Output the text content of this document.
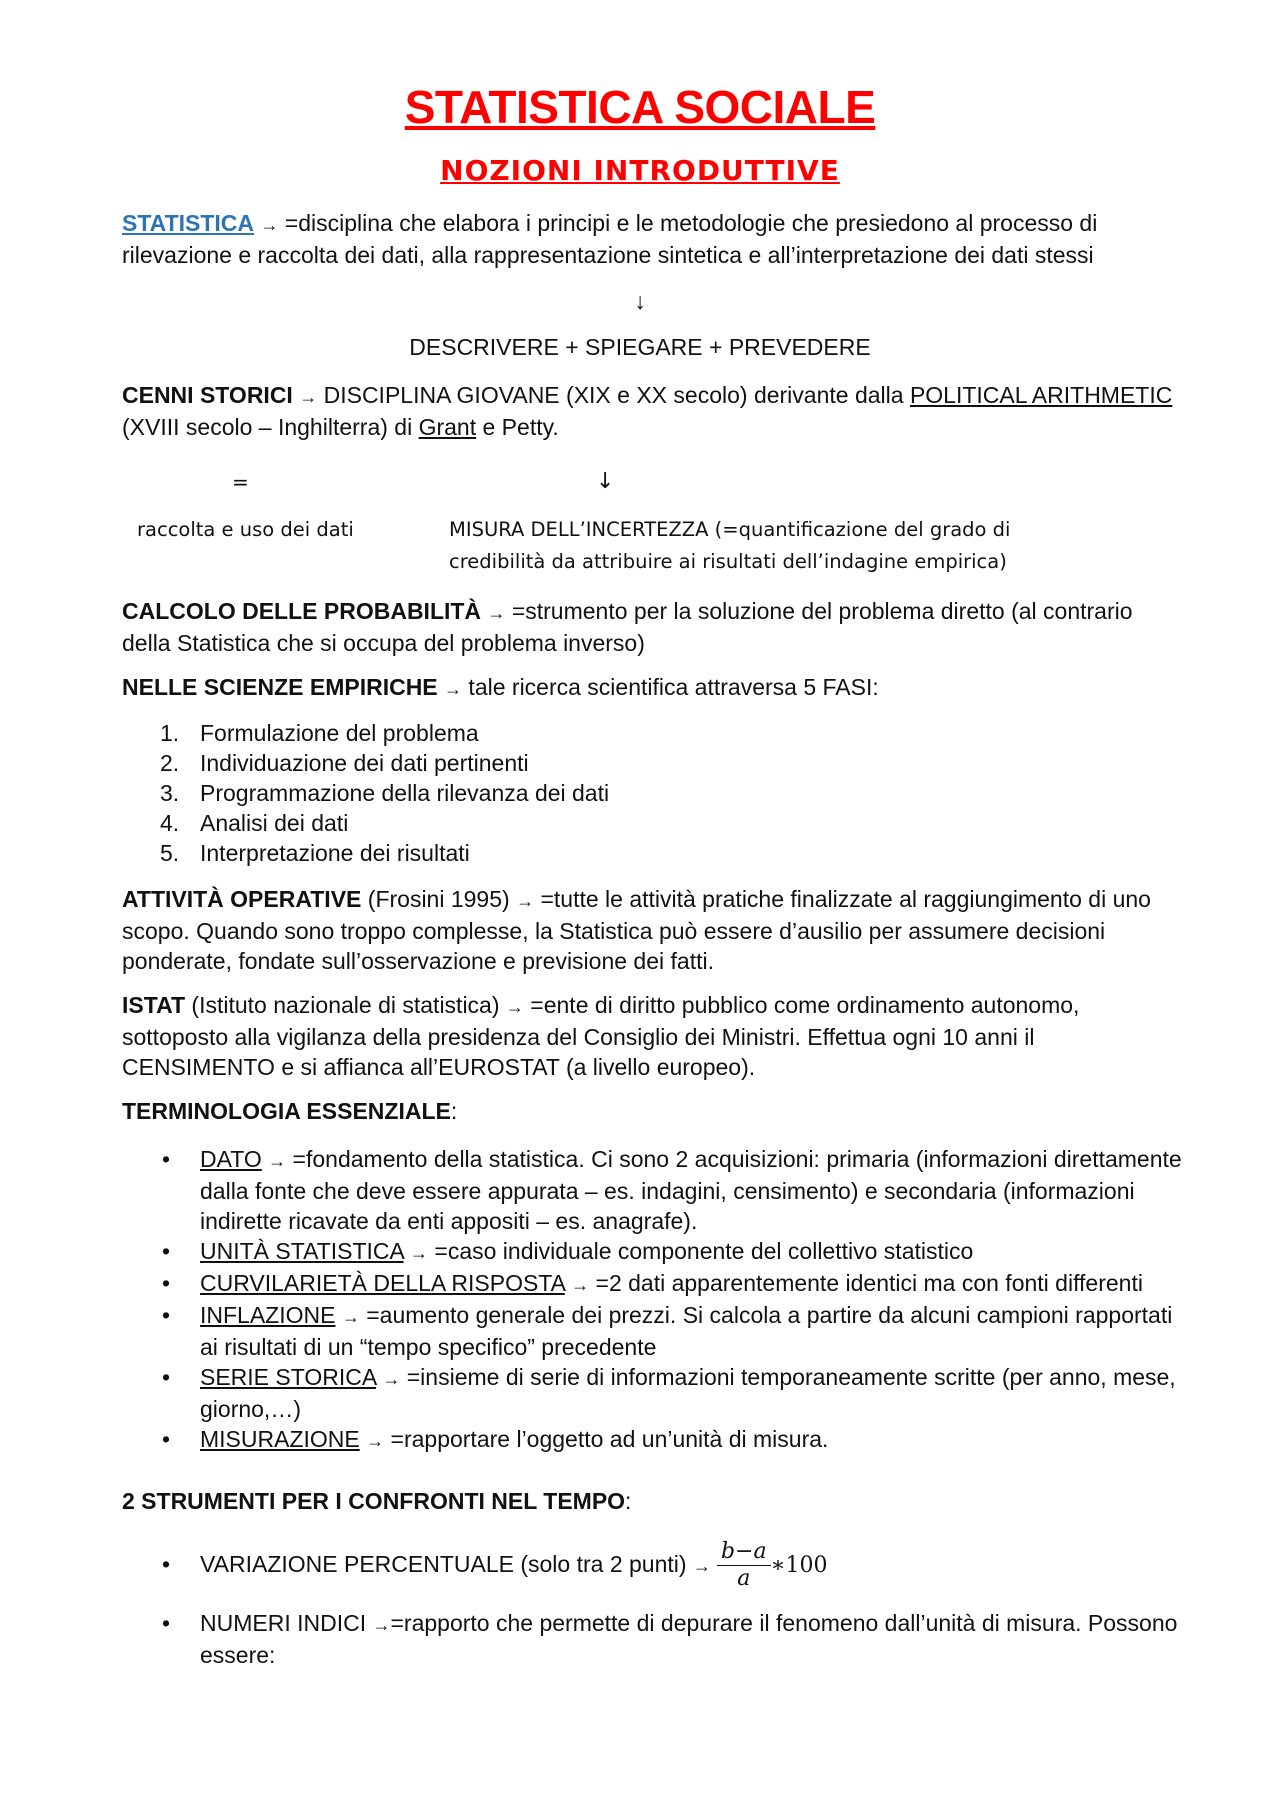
STATISTICA SOCIALE
NOZIONI INTRODUTTIVE

STATISTICA → =disciplina che elabora i principi e le metodologie che presiedono al processo di rilevazione e raccolta dei dati, alla rappresentazione sintetica e all’interpretazione dei dati stessi

↓
DESCRIVERE + SPIEGARE + PREVEDERE

CENNI STORICI → DISCIPLINA GIOVANE (XIX e XX secolo) derivante dalla POLITICAL ARITHMETIC (XVIII secolo – Inghilterra) di Grant e Petty.

=	↓
raccolta e uso dei dati	MISURA DELL’INCERTEZZA (=quantificazione del grado di credibilità da attribuire ai risultati dell’indagine empirica)

CALCOLO DELLE PROBABILITÀ → =strumento per la soluzione del problema diretto (al contrario della Statistica che si occupa del problema inverso)

NELLE SCIENZE EMPIRICHE → tale ricerca scientifica attraversa 5 FASI:

1. Formulazione del problema
2. Individuazione dei dati pertinenti
3. Programmazione della rilevanza dei dati
4. Analisi dei dati
5. Interpretazione dei risultati

ATTIVITÀ OPERATIVE (Frosini 1995) → =tutte le attività pratiche finalizzate al raggiungimento di uno scopo. Quando sono troppo complesse, la Statistica può essere d’ausilio per assumere decisioni ponderate, fondate sull’osservazione e previsione dei fatti.

ISTAT (Istituto nazionale di statistica) → =ente di diritto pubblico come ordinamento autonomo, sottoposto alla vigilanza della presidenza del Consiglio dei Ministri. Effettua ogni 10 anni il CENSIMENTO e si affianca all’EUROSTAT (a livello europeo).

TERMINOLOGIA ESSENZIALE:

• DATO → =fondamento della statistica. Ci sono 2 acquisizioni: primaria (informazioni direttamente dalla fonte che deve essere appurata – es. indagini, censimento) e secondaria (informazioni indirette ricavate da enti appositi – es. anagrafe).
• UNITÀ STATISTICA → =caso individuale componente del collettivo statistico
• CURVILARIETÀ DELLA RISPOSTA → =2 dati apparentemente identici ma con fonti differenti
• INFLAZIONE → =aumento generale dei prezzi. Si calcola a partire da alcuni campioni rapportati ai risultati di un “tempo specifico” precedente
• SERIE STORICA → =insieme di serie di informazioni temporaneamente scritte (per anno, mese, giorno,…)
• MISURAZIONE → =rapportare l’oggetto ad un’unità di misura.

2 STRUMENTI PER I CONFRONTI NEL TEMPO:

• VARIAZIONE PERCENTUALE (solo tra 2 punti) → $\frac{b-a}{a}$ ∗100
• NUMERI INDICI →=rapporto che permette di depurare il fenomeno dall’unità di misura. Possono essere:
